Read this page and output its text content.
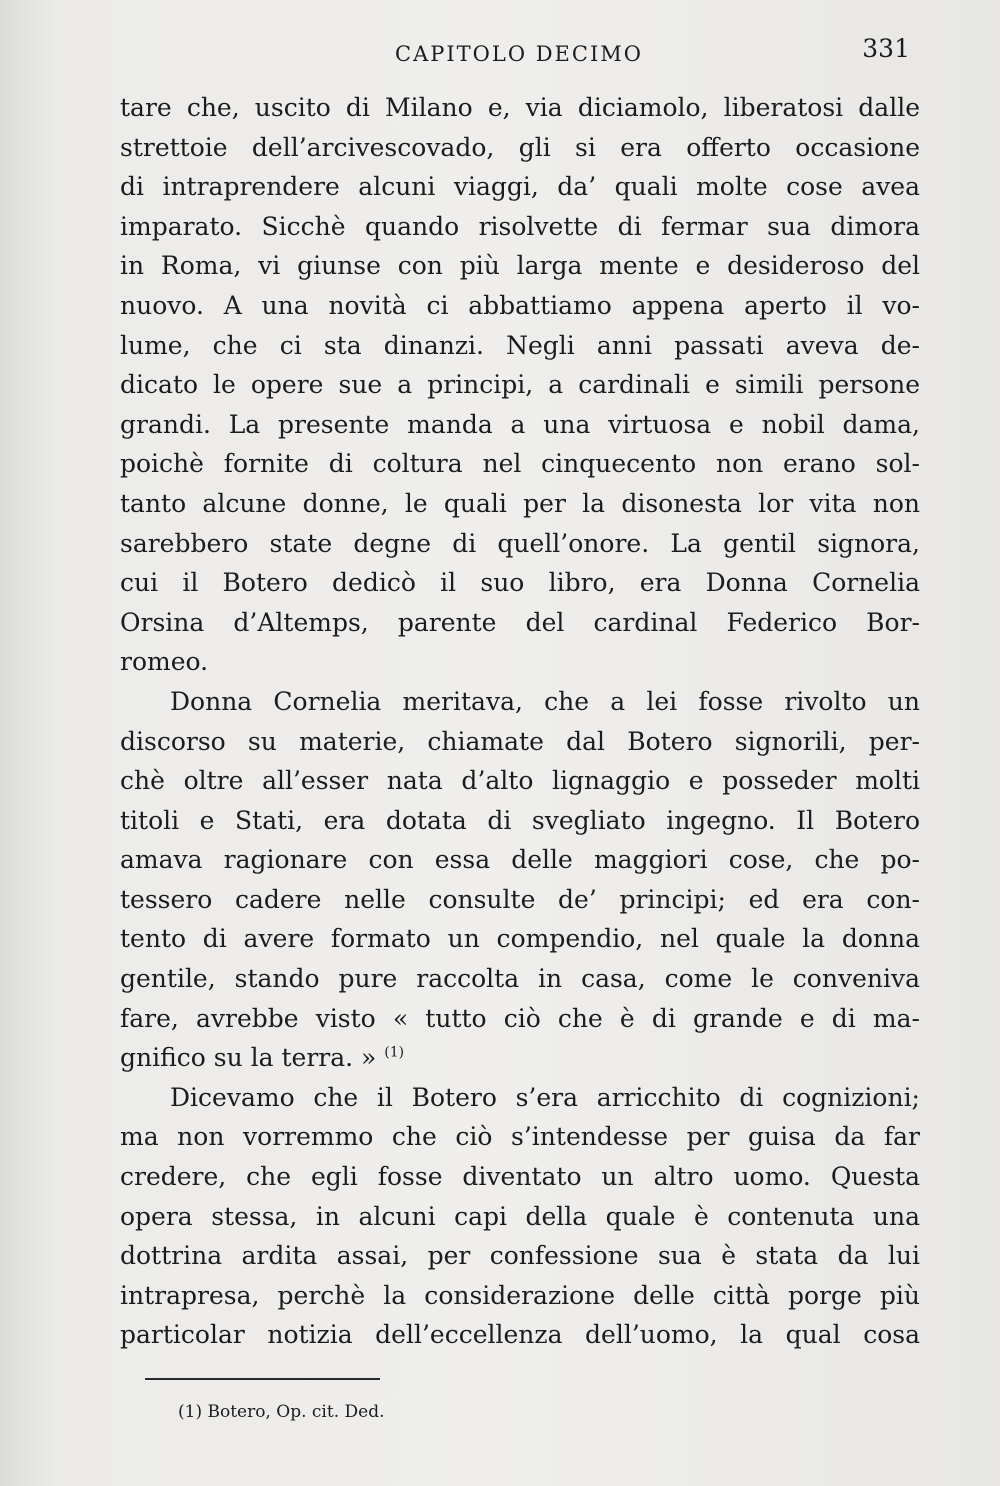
CAPITOLO DECIMO	331
tare che, uscito di Milano e, via diciamolo, liberatosi dalle
strettoie dell’arcivescovado, gli si era offerto occasione
di intraprendere alcuni viaggi, da’ quali molte cose avea
imparato. Sicchè quando risolvette di fermar sua dimora
in Roma, vi giunse con più larga mente e desideroso del
nuovo. A una novità ci abbattiamo appena aperto il vo-
lume, che ci sta dinanzi. Negli anni passati aveva de-
dicato le opere sue a principi, a cardinali e simili persone
grandi. La presente manda a una virtuosa e nobil dama,
poichè fornite di coltura nel cinquecento non erano sol-
tanto alcune donne, le quali per la disonesta lor vita non
sarebbero state degne di quell’onore. La gentil signora,
cui il Botero dedicò il suo libro, era Donna Cornelia
Orsina d’Altemps, parente del cardinal Federico Bor-
romeo.
Donna Cornelia meritava, che a lei fosse rivolto un
discorso su materie, chiamate dal Botero signorili, per-
chè oltre all’esser nata d’alto lignaggio e posseder molti
titoli e Stati, era dotata di svegliato ingegno. Il Botero
amava ragionare con essa delle maggiori cose, che po-
tessero cadere nelle consulte de’ principi; ed era con-
tento di avere formato un compendio, nel quale la donna
gentile, stando pure raccolta in casa, come le conveniva
fare, avrebbe visto « tutto ciò che è di grande e di ma-
gnifico su la terra. » $^{(1)}$
Dicevamo che il Botero s’era arricchito di cognizioni;
ma non vorremmo che ciò s’intendesse per guisa da far
credere, che egli fosse diventato un altro uomo. Questa
opera stessa, in alcuni capi della quale è contenuta una
dottrina ardita assai, per confessione sua è stata da lui
intrapresa, perchè la considerazione delle città porge più
particolar notizia dell’eccellenza dell’uomo, la qual cosa
(1) Botero, Op. cit. Ded.
